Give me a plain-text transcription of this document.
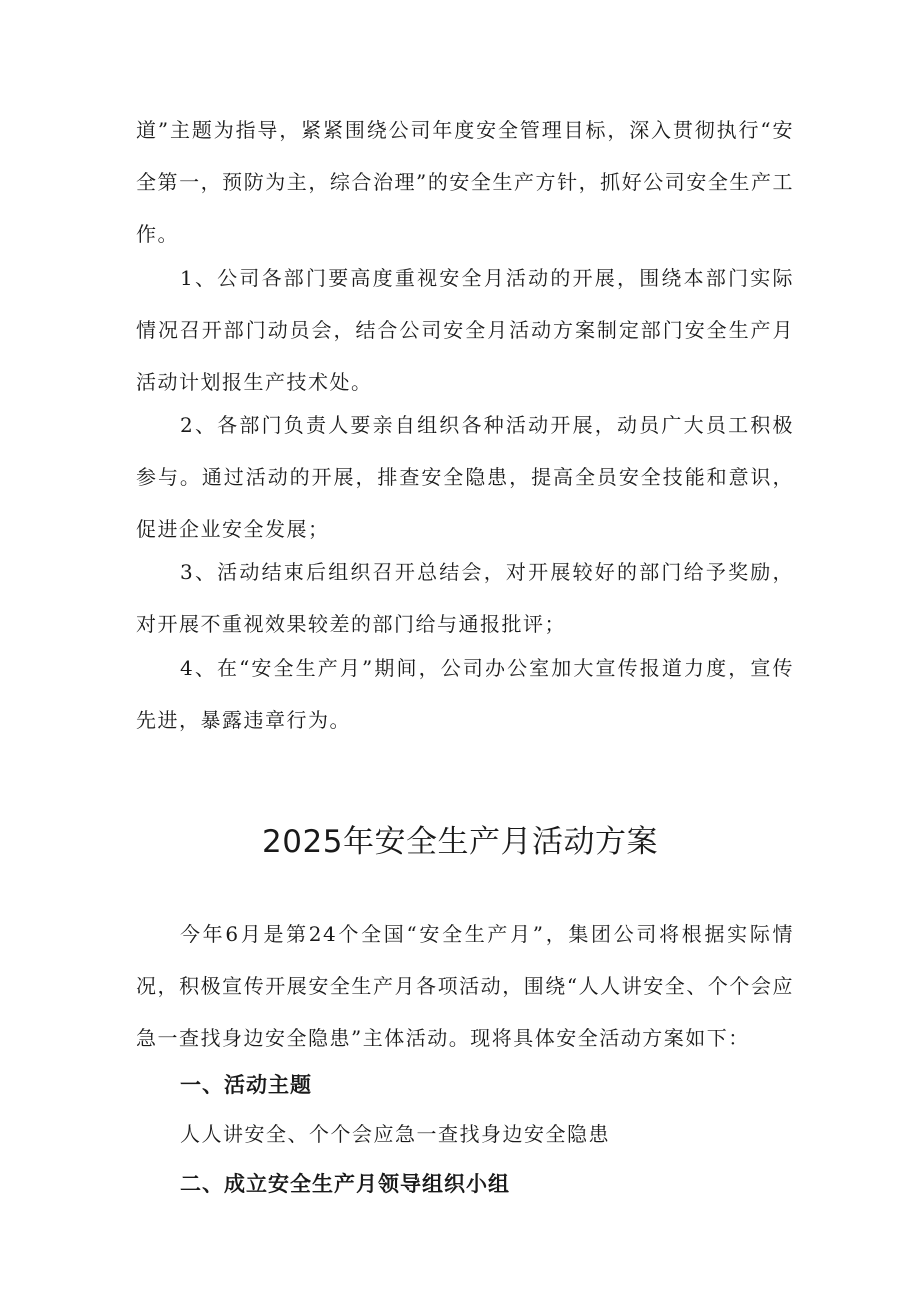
道”主题为指导，紧紧围绕公司年度安全管理目标，深入贯彻执行“安全第一，预防为主，综合治理”的安全生产方针，抓好公司安全生产工作。

1、公司各部门要高度重视安全月活动的开展，围绕本部门实际情况召开部门动员会，结合公司安全月活动方案制定部门安全生产月活动计划报生产技术处。

2、各部门负责人要亲自组织各种活动开展，动员广大员工积极参与。通过活动的开展，排查安全隐患，提高全员安全技能和意识，促进企业安全发展；

3、活动结束后组织召开总结会，对开展较好的部门给予奖励，对开展不重视效果较差的部门给与通报批评；

4、在“安全生产月”期间，公司办公室加大宣传报道力度，宣传先进，暴露违章行为。

2025年安全生产月活动方案

今年6月是第24个全国“安全生产月”，集团公司将根据实际情况，积极宣传开展安全生产月各项活动，围绕“人人讲安全、个个会应急一查找身边安全隐患”主体活动。现将具体安全活动方案如下：

一、活动主题

人人讲安全、个个会应急一查找身边安全隐患

二、成立安全生产月领导组织小组
